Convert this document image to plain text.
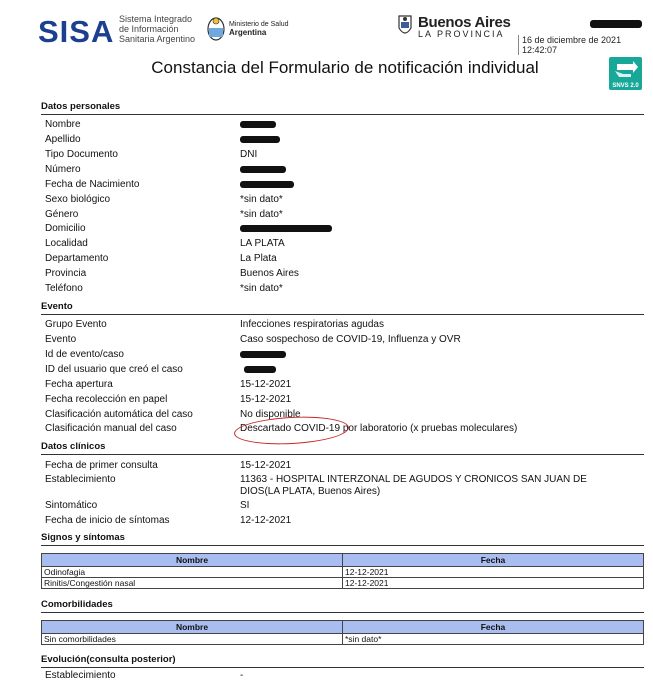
SISA Sistema Integrado
de Información
Sanitaria Argentino
Ministerio de Salud
Argentina
Buenos Aires
LA PROVINCIA
16 de diciembre de 2021 12:42:07
Constancia del Formulario de notificación individual
SNVS 2.0
Datos personales
Nombre
Apellido
Tipo Documento	DNI
Número
Fecha de Nacimiento
Sexo biológico	*sin dato*
Género	*sin dato*
Domicilio
Localidad	LA PLATA
Departamento	La Plata
Provincia	Buenos Aires
Teléfono	*sin dato*
Evento
Grupo Evento	Infecciones respiratorias agudas
Evento	Caso sospechoso de COVID-19, Influenza y OVR
Id de evento/caso
ID del usuario que creó el caso
Fecha apertura	15-12-2021
Fecha recolección en papel	15-12-2021
Clasificación automática del caso	No disponible
Clasificación manual del caso	Descartado COVID-19 por laboratorio (x pruebas moleculares)
Datos clínicos
Fecha de primer consulta	15-12-2021
Establecimiento	11363 - HOSPITAL INTERZONAL DE AGUDOS Y CRONICOS SAN JUAN DE
DIOS(LA PLATA, Buenos Aires)
Sintomático	SI
Fecha de inicio de síntomas	12-12-2021
Signos y síntomas
Nombre	Fecha
Odinofagia	12-12-2021
Rinitis/Congestión nasal	12-12-2021
Comorbilidades
Nombre	Fecha
Sin comorbilidades	*sin dato*
Evolución(consulta posterior)
Establecimiento	-
